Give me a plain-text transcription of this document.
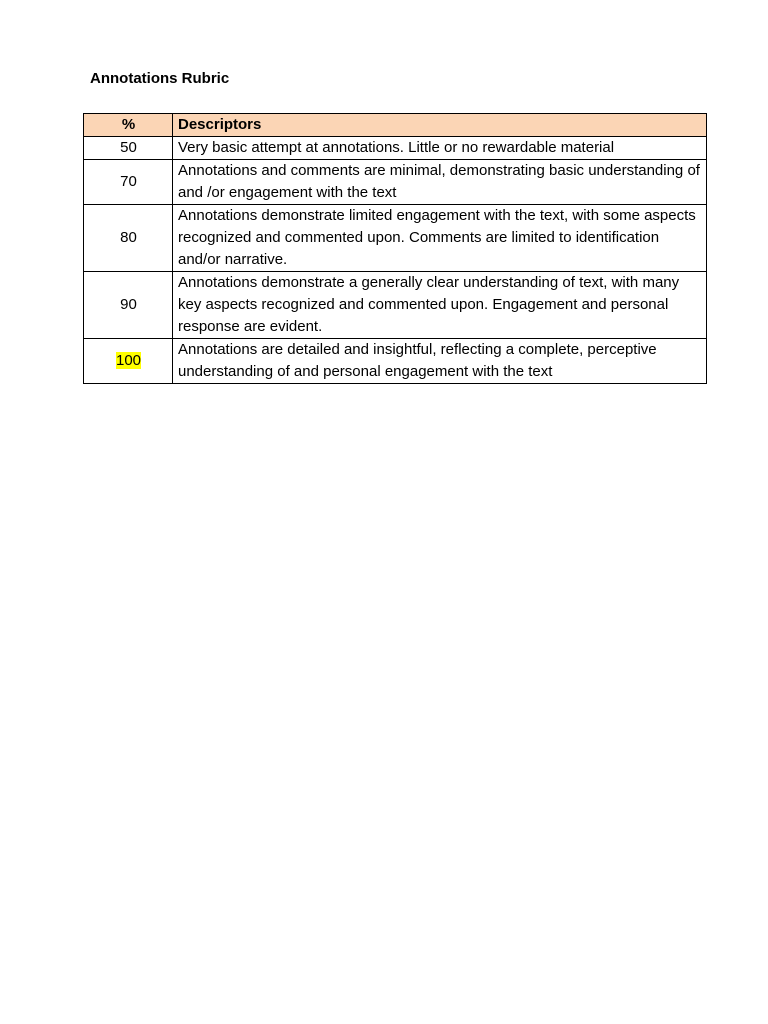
Annotations Rubric
%	Descriptors
50	Very basic attempt at annotations. Little or no rewardable material
70	Annotations and comments are minimal, demonstrating basic understanding of and /or engagement with the text
80	Annotations demonstrate limited engagement with the text, with some aspects recognized and commented upon. Comments are limited to identification and/or narrative.
90	Annotations demonstrate a generally clear understanding of text, with many key aspects recognized and commented upon. Engagement and personal response are evident.
100	Annotations are detailed and insightful, reflecting a complete, perceptive understanding of and personal engagement with the text
